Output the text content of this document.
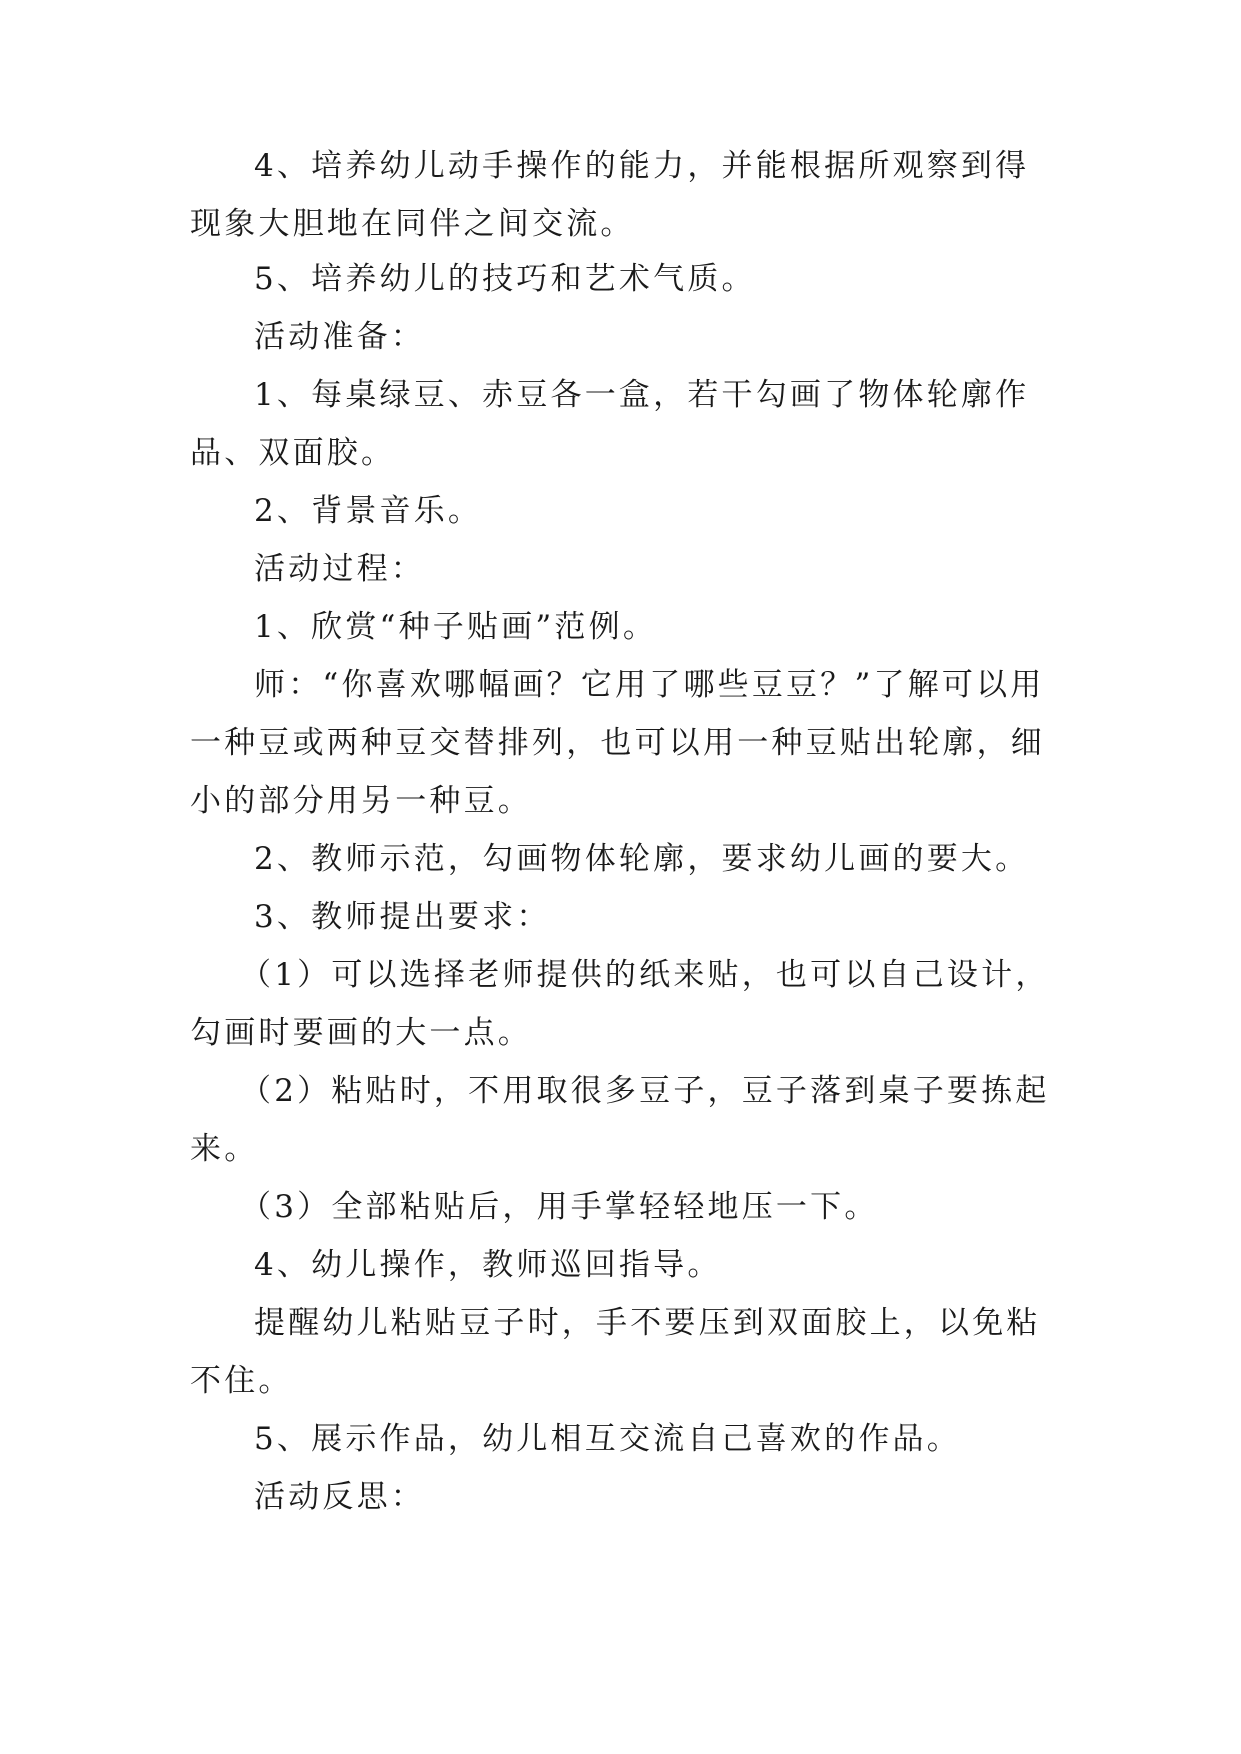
4、培养幼儿动手操作的能力，并能根据所观察到得现象大胆地在同伴之间交流。

5、培养幼儿的技巧和艺术气质。

活动准备：

1、每桌绿豆、赤豆各一盒，若干勾画了物体轮廓作品、双面胶。

2、背景音乐。

活动过程：

1、欣赏“种子贴画”范例。

师：“你喜欢哪幅画？它用了哪些豆豆？”了解可以用一种豆或两种豆交替排列，也可以用一种豆贴出轮廓，细小的部分用另一种豆。

2、教师示范，勾画物体轮廓，要求幼儿画的要大。

3、教师提出要求：

（1）可以选择老师提供的纸来贴，也可以自己设计，勾画时要画的大一点。

（2）粘贴时，不用取很多豆子，豆子落到桌子要拣起来。

（3）全部粘贴后，用手掌轻轻地压一下。

4、幼儿操作，教师巡回指导。

提醒幼儿粘贴豆子时，手不要压到双面胶上，以免粘不住。

5、展示作品，幼儿相互交流自己喜欢的作品。

活动反思：
